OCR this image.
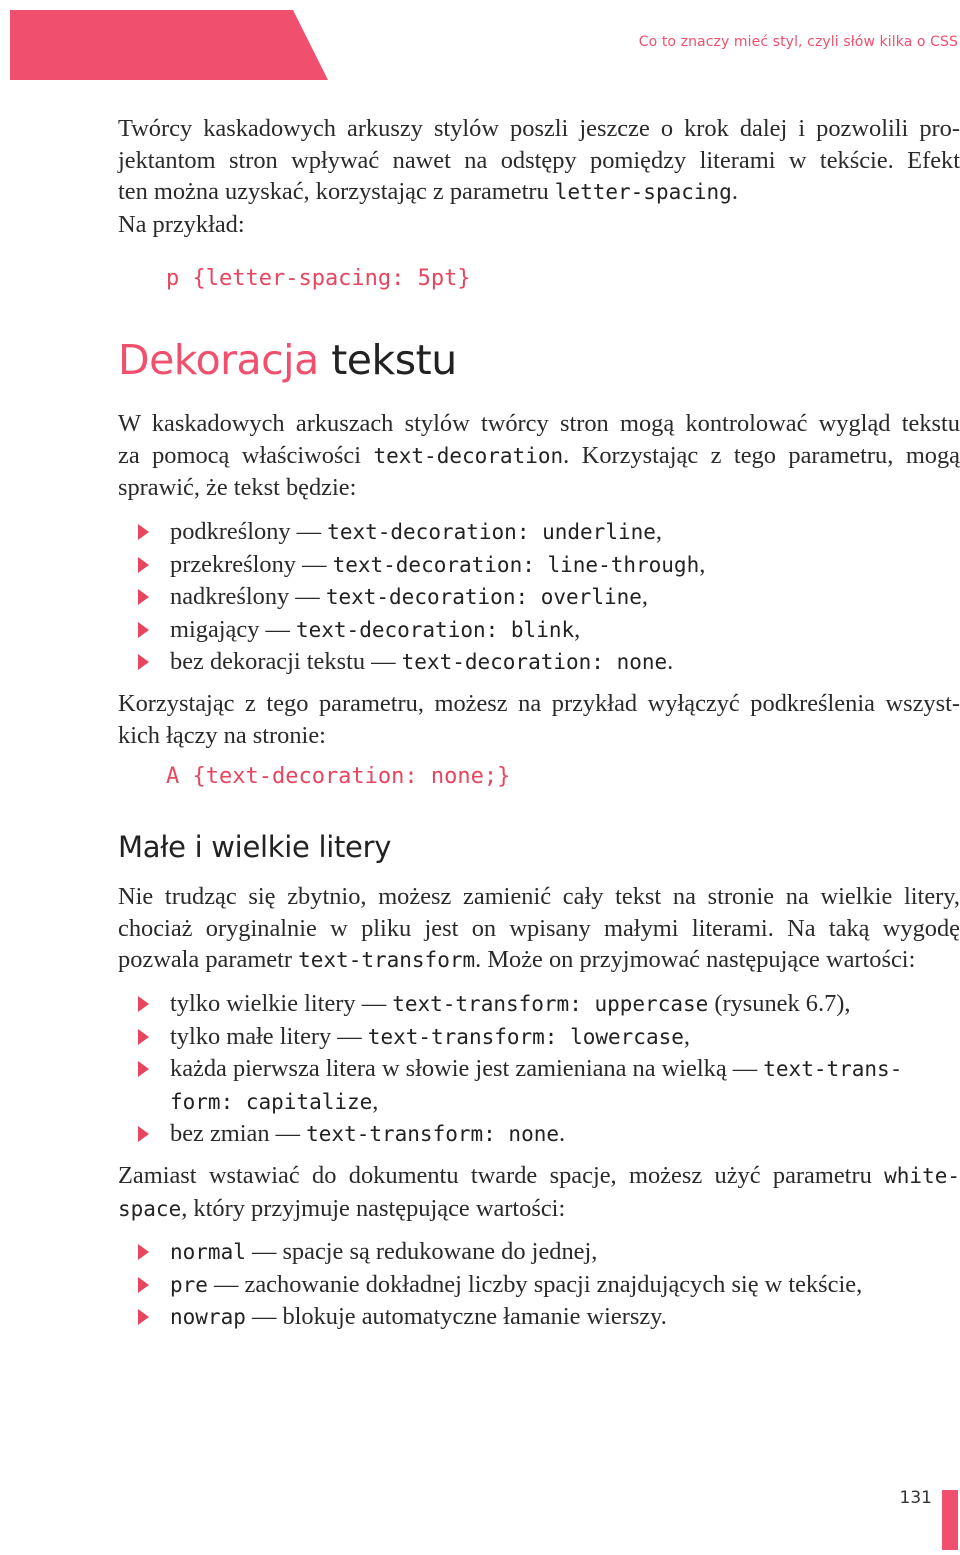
Co to znaczy mieć styl, czyli słów kilka o CSS

Twórcy kaskadowych arkuszy stylów poszli jeszcze o krok dalej i pozwolili pro-
jektantom stron wpływać nawet na odstępy pomiędzy literami w tekście. Efekt
ten można uzyskać, korzystając z parametru letter-spacing.
Na przykład:

p {letter-spacing: 5pt}
Dekoracja tekstu

W kaskadowych arkuszach stylów twórcy stron mogą kontrolować wygląd tekstu
za pomocą właściwości text-decoration. Korzystając z tego parametru, mogą
sprawić, że tekst będzie:

podkreślony — text-decoration: underline,
przekreślony — text-decoration: line-through,
nadkreślony — text-decoration: overline,
migający — text-decoration: blink,
bez dekoracji tekstu — text-decoration: none.

Korzystając z tego parametru, możesz na przykład wyłączyć podkreślenia wszyst-
kich łączy na stronie:

A {text-decoration: none;}
Małe i wielkie litery

Nie trudząc się zbytnio, możesz zamienić cały tekst na stronie na wielkie litery,
chociaż oryginalnie w pliku jest on wpisany małymi literami. Na taką wygodę
pozwala parametr text-transform. Może on przyjmować następujące wartości:

tylko wielkie litery — text-transform: uppercase (rysunek 6.7),
tylko małe litery — text-transform: lowercase,
każda pierwsza litera w słowie jest zamieniana na wielką — text-trans-form: capitalize,
bez zmian — text-transform: none.

Zamiast wstawiać do dokumentu twarde spacje, możesz użyć parametru white-
space, który przyjmuje następujące wartości:

normal — spacje są redukowane do jednej,
pre — zachowanie dokładnej liczby spacji znajdujących się w tekście,
nowrap — blokuje automatyczne łamanie wierszy.
131
